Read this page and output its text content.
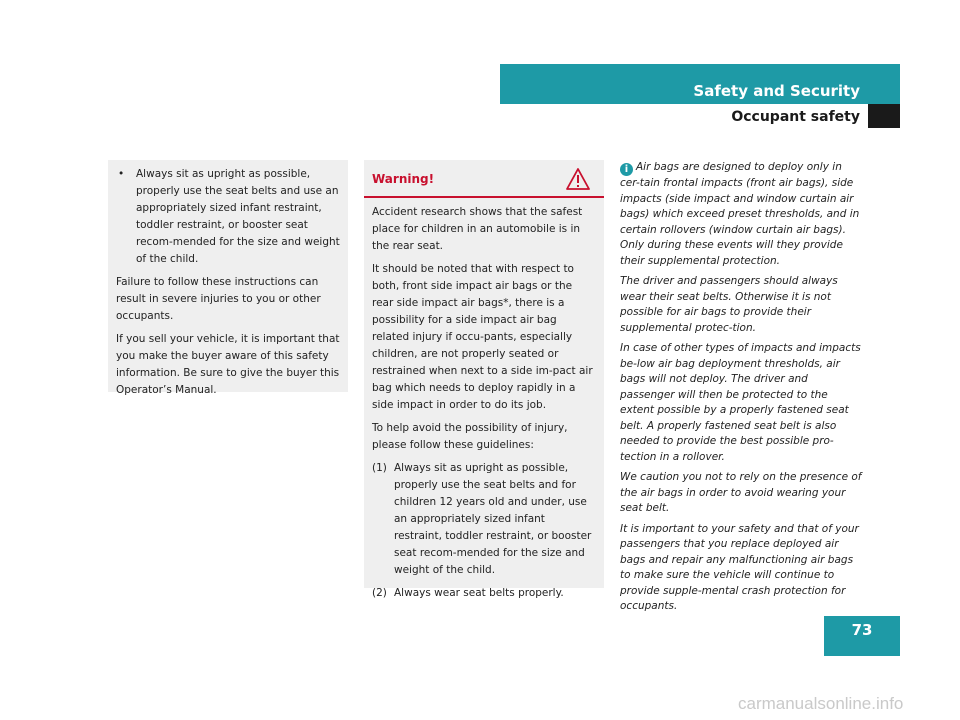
Safety and Security
Occupant safety
• Always sit as upright as possible, properly use the seat belts and use an appropriately sized infant restraint, toddler restraint, or booster seat recom-mended for the size and weight of the child.

Failure to follow these instructions can result in severe injuries to you or other occupants.

If you sell your vehicle, it is important that you make the buyer aware of this safety information. Be sure to give the buyer this Operator’s Manual.

Warning!

Accident research shows that the safest place for children in an automobile is in the rear seat.

It should be noted that with respect to both, front side impact air bags or the rear side impact air bags*, there is a possibility for a side impact air bag related injury if occu-pants, especially children, are not properly seated or restrained when next to a side im-pact air bag which needs to deploy rapidly in a side impact in order to do its job.

To help avoid the possibility of injury, please follow these guidelines:

(1) Always sit as upright as possible, properly use the seat belts and for children 12 years old and under, use an appropriately sized infant restraint, toddler restraint, or booster seat recom-mended for the size and weight of the child.
(2) Always wear seat belts properly.

i Air bags are designed to deploy only in cer-tain frontal impacts (front air bags), side impacts (side impact and window curtain air bags) which exceed preset thresholds, and in certain rollovers (window curtain air bags). Only during these events will they provide their supplemental protection.

The driver and passengers should always wear their seat belts. Otherwise it is not possible for air bags to provide their supplemental protec-tion.

In case of other types of impacts and impacts be-low air bag deployment thresholds, air bags will not deploy. The driver and passenger will then be protected to the extent possible by a properly fastened seat belt. A properly fastened seat belt is also needed to provide the best possible pro-tection in a rollover.

We caution you not to rely on the presence of the air bags in order to avoid wearing your seat belt.

It is important to your safety and that of your passengers that you replace deployed air bags and repair any malfunctioning air bags to make sure the vehicle will continue to provide supple-mental crash protection for occupants.

73
carmanualsonline.info
